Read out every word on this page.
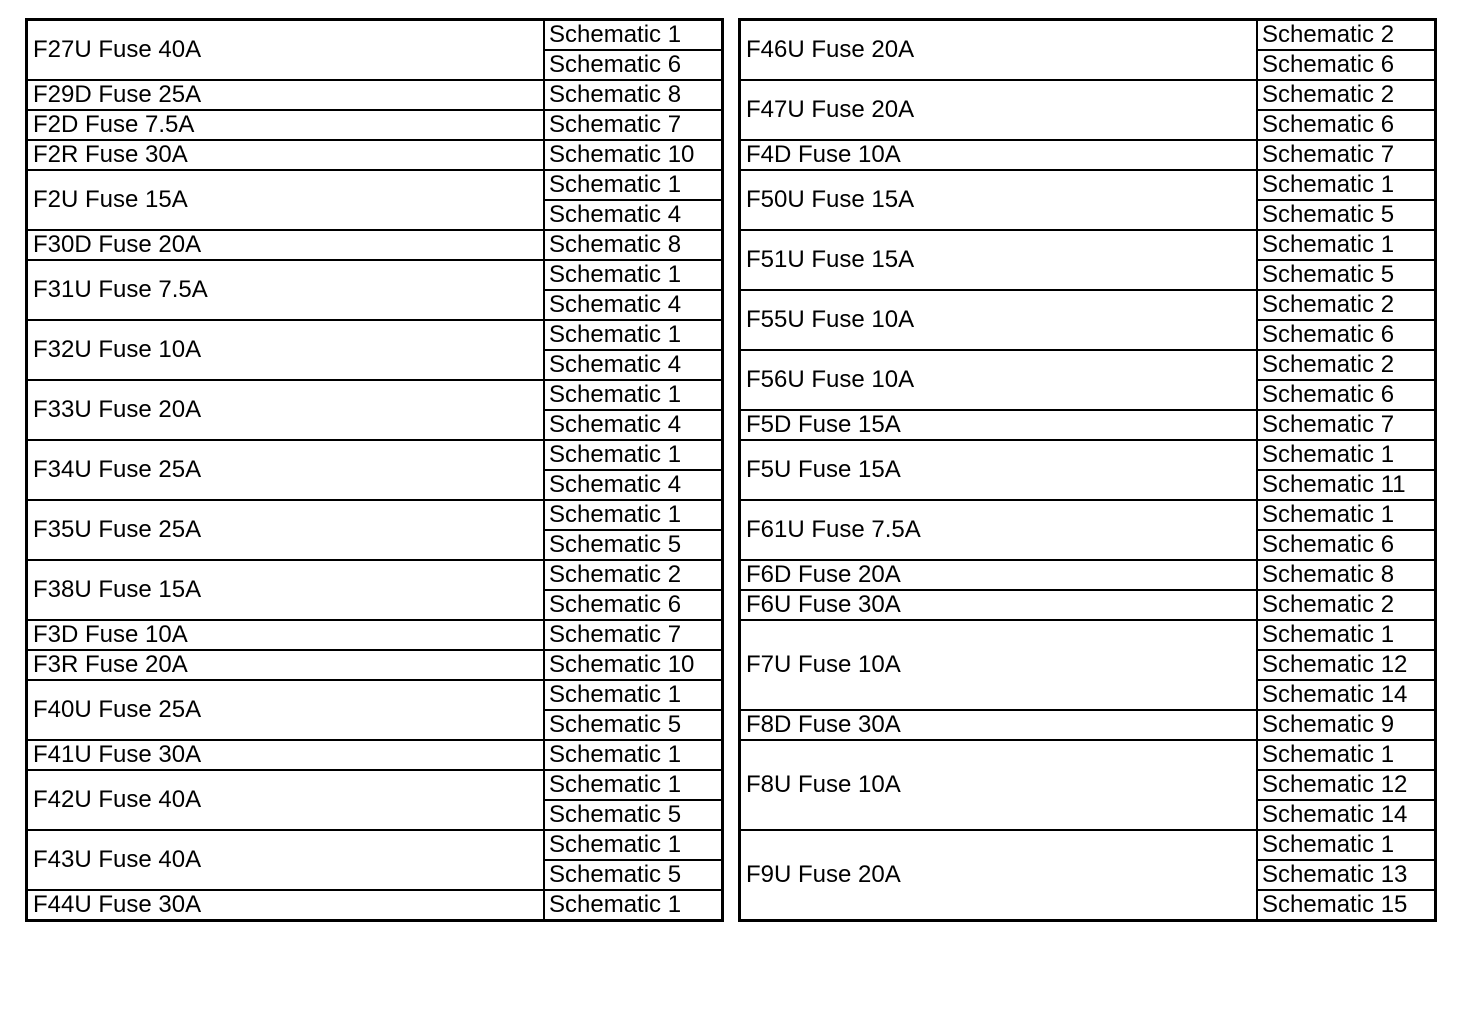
F27U Fuse 40A	Schematic 1
	Schematic 6
F29D Fuse 25A	Schematic 8
F2D Fuse 7.5A	Schematic 7
F2R Fuse 30A	Schematic 10
F2U Fuse 15A	Schematic 1
	Schematic 4
F30D Fuse 20A	Schematic 8
F31U Fuse 7.5A	Schematic 1
	Schematic 4
F32U Fuse 10A	Schematic 1
	Schematic 4
F33U Fuse 20A	Schematic 1
	Schematic 4
F34U Fuse 25A	Schematic 1
	Schematic 4
F35U Fuse 25A	Schematic 1
	Schematic 5
F38U Fuse 15A	Schematic 2
	Schematic 6
F3D Fuse 10A	Schematic 7
F3R Fuse 20A	Schematic 10
F40U Fuse 25A	Schematic 1
	Schematic 5
F41U Fuse 30A	Schematic 1
F42U Fuse 40A	Schematic 1
	Schematic 5
F43U Fuse 40A	Schematic 1
	Schematic 5
F44U Fuse 30A	Schematic 1
F46U Fuse 20A	Schematic 2
	Schematic 6
F47U Fuse 20A	Schematic 2
	Schematic 6
F4D Fuse 10A	Schematic 7
F50U Fuse 15A	Schematic 1
	Schematic 5
F51U Fuse 15A	Schematic 1
	Schematic 5
F55U Fuse 10A	Schematic 2
	Schematic 6
F56U Fuse 10A	Schematic 2
	Schematic 6
F5D Fuse 15A	Schematic 7
F5U Fuse 15A	Schematic 1
	Schematic 11
F61U Fuse 7.5A	Schematic 1
	Schematic 6
F6D Fuse 20A	Schematic 8
F6U Fuse 30A	Schematic 2
F7U Fuse 10A	Schematic 1
	Schematic 12
	Schematic 14
F8D Fuse 30A	Schematic 9
F8U Fuse 10A	Schematic 1
	Schematic 12
	Schematic 14
F9U Fuse 20A	Schematic 1
	Schematic 13
	Schematic 15
